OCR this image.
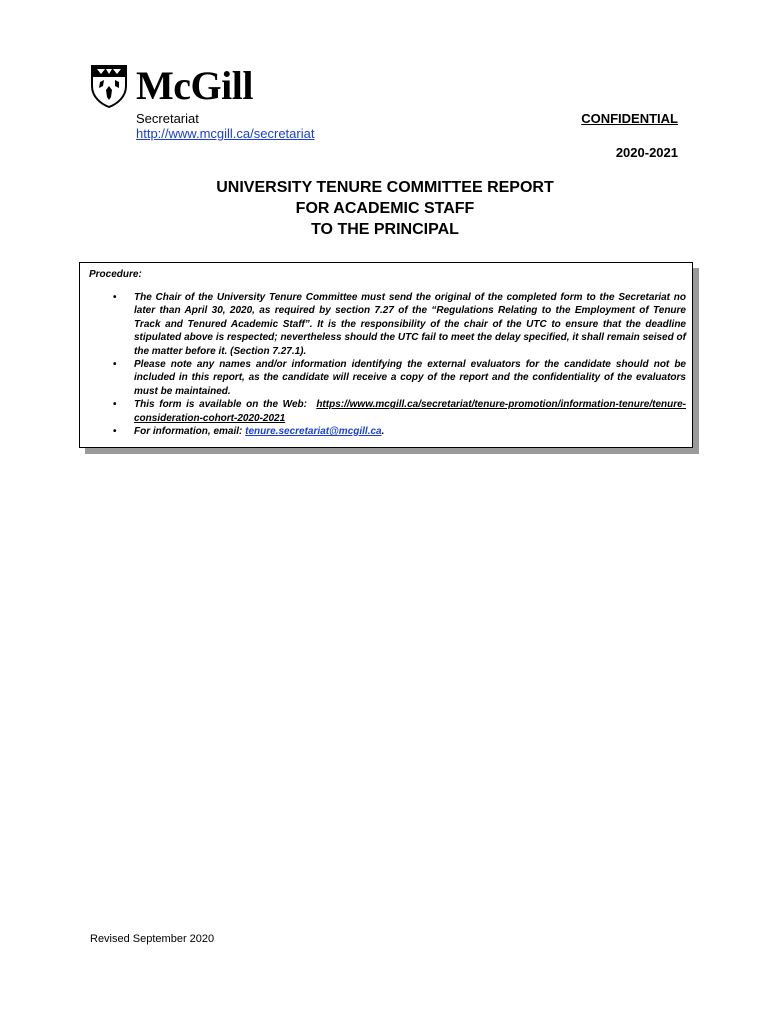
McGill
Secretariat
http://www.mcgill.ca/secretariat
CONFIDENTIAL
2020-2021
UNIVERSITY TENURE COMMITTEE REPORT
FOR ACADEMIC STAFF
TO THE PRINCIPAL
Procedure:
• The Chair of the University Tenure Committee must send the original of the completed form to the Secretariat no later than April 30, 2020, as required by section 7.27 of the “Regulations Relating to the Employment of Tenure Track and Tenured Academic Staff”. It is the responsibility of the chair of the UTC to ensure that the deadline stipulated above is respected; nevertheless should the UTC fail to meet the delay specified, it shall remain seised of the matter before it. (Section 7.27.1).
• Please note any names and/or information identifying the external evaluators for the candidate should not be included in this report, as the candidate will receive a copy of the report and the confidentiality of the evaluators must be maintained.
• This form is available on the Web: https://www.mcgill.ca/secretariat/tenure-promotion/information-tenure/tenure-consideration-cohort-2020-2021
• For information, email: tenure.secretariat@mcgill.ca.
Revised September 2020
